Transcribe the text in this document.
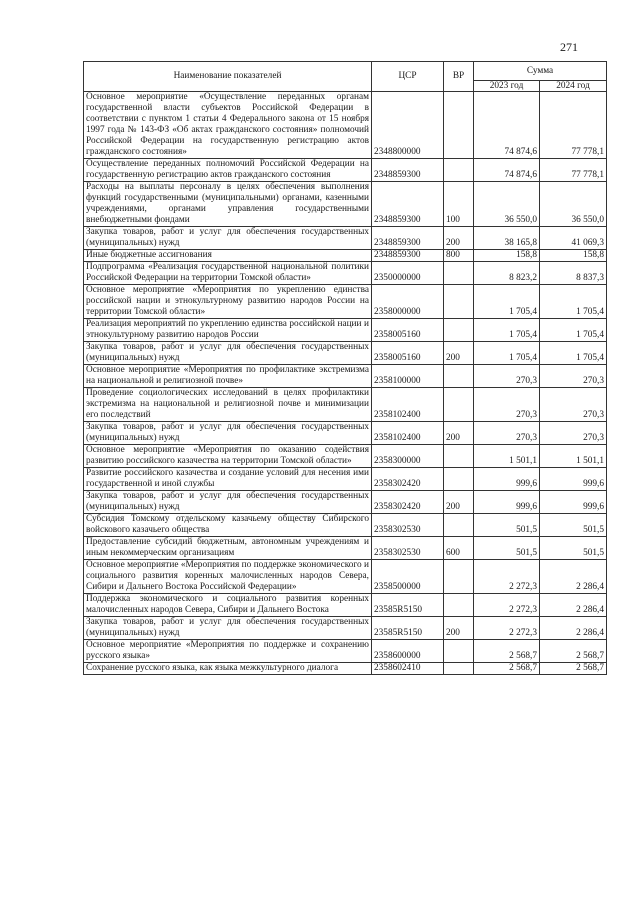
271
Наименование показателей	ЦСР	ВР	Сумма	
			2023 год	2024 год
Основное мероприятие «Осуществление переданных органам государственной власти субъектов Российской Федерации в соответствии с пунктом 1 статьи 4 Федерального закона от 15 ноября 1997 года № 143-ФЗ «Об актах гражданского состояния» полномочий Российской Федерации на государственную регистрацию актов гражданского состояния»	2348800000		74 874,6	77 778,1
Осуществление переданных полномочий Российской Федерации на государственную регистрацию актов гражданского состояния	2348859300		74 874,6	77 778,1
Расходы на выплаты персоналу в целях обеспечения выполнения функций государственными (муниципальными) органами, казенными учреждениями, органами управления государственными внебюджетными фондами	2348859300	100	36 550,0	36 550,0
Закупка товаров, работ и услуг для обеспечения государственных (муниципальных) нужд	2348859300	200	38 165,8	41 069,3
Иные бюджетные ассигнования	2348859300	800	158,8	158,8
Подпрограмма «Реализация государственной национальной политики Российской Федерации на территории Томской области»	2350000000		8 823,2	8 837,3
Основное мероприятие «Мероприятия по укреплению единства российской нации и этнокультурному развитию народов России на территории Томской области»	2358000000		1 705,4	1 705,4
Реализация мероприятий по укреплению единства российской нации и этнокультурному развитию народов России	2358005160		1 705,4	1 705,4
Закупка товаров, работ и услуг для обеспечения государственных (муниципальных) нужд	2358005160	200	1 705,4	1 705,4
Основное мероприятие «Мероприятия по профилактике экстремизма на национальной и религиозной почве»	2358100000		270,3	270,3
Проведение социологических исследований в целях профилактики экстремизма на национальной и религиозной почве и минимизации его последствий	2358102400		270,3	270,3
Закупка товаров, работ и услуг для обеспечения государственных (муниципальных) нужд	2358102400	200	270,3	270,3
Основное мероприятие «Мероприятия по оказанию содействия развитию российского казачества на территории Томской области»	2358300000		1 501,1	1 501,1
Развитие российского казачества и создание условий для несения ими государственной и иной службы	2358302420		999,6	999,6
Закупка товаров, работ и услуг для обеспечения государственных (муниципальных) нужд	2358302420	200	999,6	999,6
Субсидия Томскому отдельскому казачьему обществу Сибирского войскового казачьего общества	2358302530		501,5	501,5
Предоставление субсидий бюджетным, автономным учреждениям и иным некоммерческим организациям	2358302530	600	501,5	501,5
Основное мероприятие «Мероприятия по поддержке экономического и социального развития коренных малочисленных народов Севера, Сибири и Дальнего Востока Российской Федерации»	2358500000		2 272,3	2 286,4
Поддержка экономического и социального развития коренных малочисленных народов Севера, Сибири и Дальнего Востока	23585R5150		2 272,3	2 286,4
Закупка товаров, работ и услуг для обеспечения государственных (муниципальных) нужд	23585R5150	200	2 272,3	2 286,4
Основное мероприятие «Мероприятия по поддержке и сохранению русского языка»	2358600000		2 568,7	2 568,7
Сохранение русского языка, как языка межкультурного диалога	2358602410		2 568,7	2 568,7
